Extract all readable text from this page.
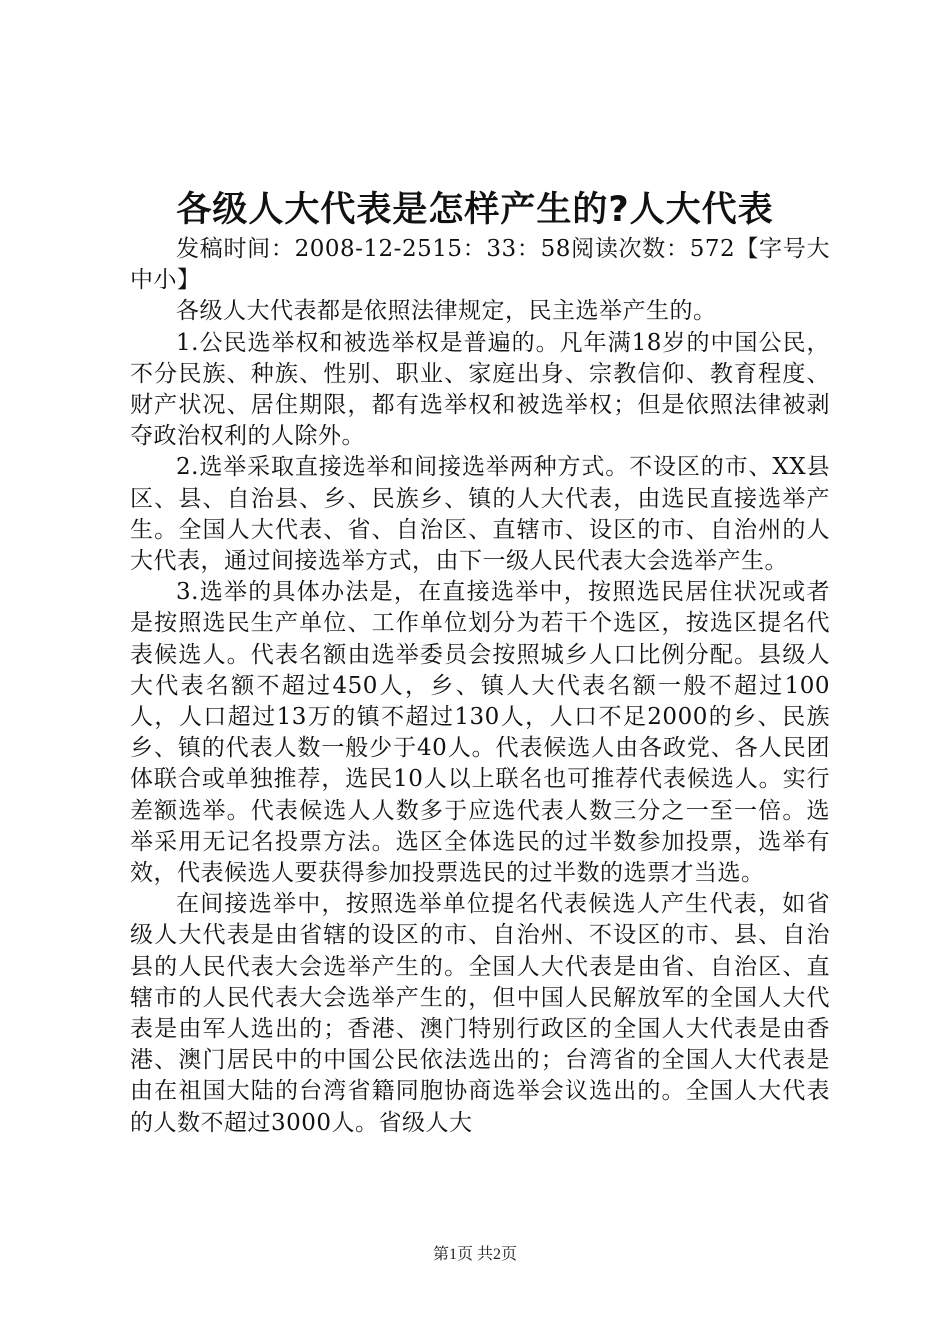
各级人大代表是怎样产生的?人大代表

发稿时间：2008-12-2515：33：58阅读次数：572【字号大中小】

各级人大代表都是依照法律规定，民主选举产生的。

1.公民选举权和被选举权是普遍的。凡年满18岁的中国公民，不分民族、种族、性别、职业、家庭出身、宗教信仰、教育程度、财产状况、居住期限，都有选举权和被选举权；但是依照法律被剥夺政治权利的人除外。

2.选举采取直接选举和间接选举两种方式。不设区的市、XX县区、县、自治县、乡、民族乡、镇的人大代表，由选民直接选举产生。全国人大代表、省、自治区、直辖市、设区的市、自治州的人大代表，通过间接选举方式，由下一级人民代表大会选举产生。

3.选举的具体办法是，在直接选举中，按照选民居住状况或者是按照选民生产单位、工作单位划分为若干个选区，按选区提名代表候选人。代表名额由选举委员会按照城乡人口比例分配。县级人大代表名额不超过450人，乡、镇人大代表名额一般不超过100人，人口超过13万的镇不超过130人，人口不足2000的乡、民族乡、镇的代表人数一般少于40人。代表候选人由各政党、各人民团体联合或单独推荐，选民10人以上联名也可推荐代表候选人。实行差额选举。代表候选人人数多于应选代表人数三分之一至一倍。选举采用无记名投票方法。选区全体选民的过半数参加投票，选举有效，代表候选人要获得参加投票选民的过半数的选票才当选。

在间接选举中，按照选举单位提名代表候选人产生代表，如省级人大代表是由省辖的设区的市、自治州、不设区的市、县、自治县的人民代表大会选举产生的。全国人大代表是由省、自治区、直辖市的人民代表大会选举产生的，但中国人民解放军的全国人大代表是由军人选出的；香港、澳门特别行政区的全国人大代表是由香港、澳门居民中的中国公民依法选出的；台湾省的全国人大代表是由在祖国大陆的台湾省籍同胞协商选举会议选出的。全国人大代表的人数不超过3000人。省级人大

第1页 共2页
